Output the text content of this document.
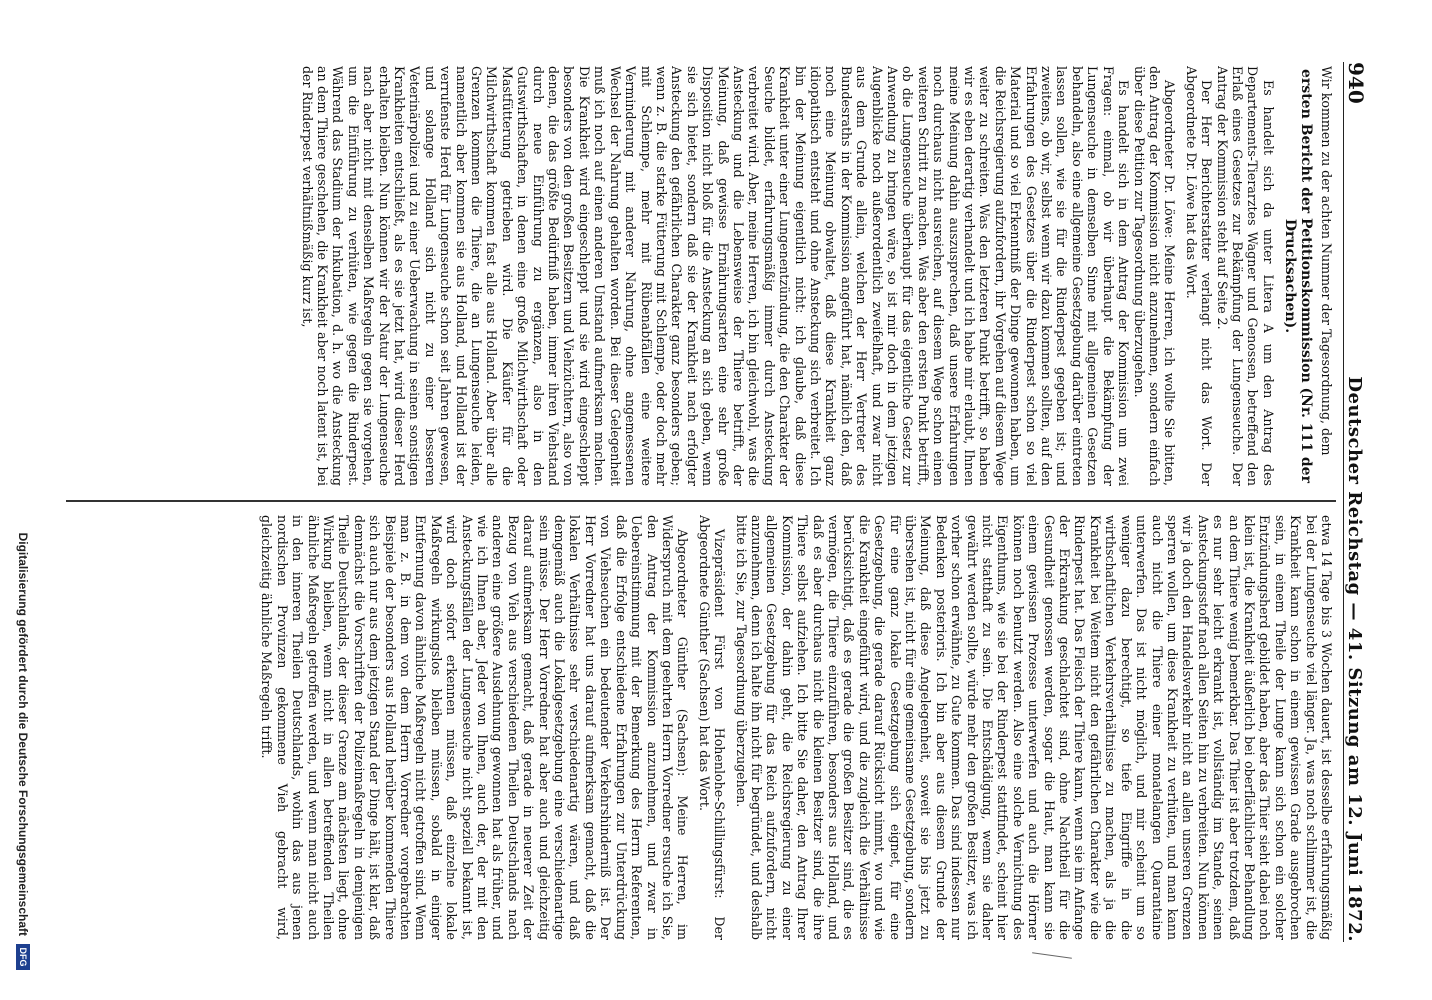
940
Deutscher Reichstag — 41. Sitzung am 12. Juni 1872.

Wir kommen zu der achten Nummer der Tagesordnung, dem

ersten Bericht der Petitionskommission (Nr. 111 der Drucksachen).

Es handelt sich da unter Litera A um den Antrag des Departements-Tierarztes Wagner und Genossen, betreffend den Erlaß eines Gesetzes zur Bekämpfung der Lungenseuche. Der Antrag der Kommission steht auf Seite 2.

Der Herr Berichterstatter verlangt nicht das Wort. Der Abgeordnete Dr. Löwe hat das Wort.

Abgeordneter Dr. Löwe: Meine Herren, ich wollte Sie bitten, den Antrag der Kommission nicht anzunehmen, sondern einfach über diese Petition zur Tagesordnung überzugehen.

Es handelt sich in dem Antrag der Kommission um zwei Fragen: einmal, ob wir überhaupt die Bekämpfung der Lungenseuche in demselben Sinne mit allgemeinen Gesetzen behandeln, also eine allgemeine Gesetzgebung darüber eintreten lassen sollen, wie sie für die Rinderpest gegeben ist; und zweitens, ob wir, selbst wenn wir dazu kommen sollten, auf den Erfahrungen des Gesetzes über die Rinderpest schon so viel Material und so viel Erkenntniß der Dinge gewonnen haben, um die Reichsregierung aufzufordern, ihr Vorgehen auf diesem Wege weiter zu schreiten. Was den letzteren Punkt betrifft, so haben wir es eben derartig verhandelt und ich habe mir erlaubt, Ihnen meine Meinung dahin auszusprechen, daß unsere Erfahrungen noch durchaus nicht ausreichen, auf diesem Wege schon einen weiteren Schritt zu machen. Was aber den ersten Punkt betrifft, ob die Lungenseuche überhaupt für das eigentliche Gesetz zur Anwendung zu bringen wäre, so ist mir doch in dem jetzigen Augenblicke noch außerordentlich zweifelhaft, und zwar nicht aus dem Grunde allein, welchen der Herr Vertreter des Bundesraths in der Kommission angeführt hat, nämlich den, daß noch eine Meinung obwaltet, daß diese Krankheit ganz idiopathisch entsteht und ohne Ansteckung sich verbreitet. Ich bin der Meinung eigentlich nicht: ich glaube, daß diese Krankheit unter einer Lungenentzündung, die den Charakter der Seuche bildet, erfahrungsmäßig immer durch Ansteckung verbreitet wird. Aber, meine Herren, ich bin gleichwohl, was die Ansteckung und die Lebensweise der Thiere betrifft, der Meinung, daß gewisse Ernährungsarten eine sehr große Disposition nicht bloß für die Ansteckung an sich geben, wenn sie sich bietet, sondern daß sie der Krankheit nach erfolgter Ansteckung den gefährlichen Charakter ganz besonders geben; wenn z. B. die starke Fütterung mit Schlempe, oder doch mehr mit Schlempe, mehr mit Rübenabfällen eine weitere Verminderung mit anderer Nahrung, ohne angemessenen Wechsel der Nahrung gehalten worden. Bei dieser Gelegenheit muß ich noch auf einen anderen Umstand aufmerksam machen. Die Krankheit wird eingeschleppt und sie wird eingeschleppt besonders von den großen Besitzern und Viehzüchtern, also von denen, die das größte Bedürfniß haben, immer ihren Viehstand durch neue Einführung zu ergänzen, also in den Gutswirthschaften, in denen eine große Milchwirthschaft oder Mastfütterung getrieben wird. Die Käufer für die Milchwirthschaft kommen fast alle aus Holland. Aber über alle Grenzen kommen die Thiere, die an Lungenseuche leiden, namentlich aber kommen sie aus Holland, und Holland ist der verrufenste Herd für Lungenseuche schon seit Jahren gewesen, und solange Holland sich nicht zu einer besseren Veterinärpolizei und zu einer Ueberwachung in seinen sonstigen Krankheiten entschließt, als es sie jetzt hat, wird dieser Herd erhalten bleiben. Nun können wir der Natur der Lungenseuche nach aber nicht mit denselben Maßregeln gegen sie vorgehen, um die Einführung zu verhüten, wie gegen die Rinderpest. Während das Stadium der Inkubation, d. h. wo die Ansteckung an dem Thiere geschehen, die Krankheit aber noch latent ist, bei der Rinderpest verhältnißmäßig kurz ist,

etwa 14 Tage bis 3 Wochen dauert, ist desselbe erfahrungsmäßig bei der Lungenseuche viel länger. Ja, was noch schlimmer ist, die Krankheit kann schon in einem gewissen Grade ausgebrochen sein, in einem Theile der Lunge kann sich schon ein solcher Entzündungsherd gebildet haben, aber das Thier sieht dabei noch klein ist, die Krankheit äußerlich bei oberflächlicher Behandlung an dem Thiere wenig bemerkbar. Das Thier ist aber trotzdem, daß es nur sehr leicht erkrankt ist, vollständig im Stande, seinen Ansteckungsstoff nach allen Seiten hin zu verbreiten. Nun können wir ja doch den Handelsverkehr nicht an allen unseren Grenzen sperren wollen, um diese Krankheit zu verhüten, und man kann auch nicht die Thiere einer monatelangen Quarantaine unterwerfen. Das ist nicht möglich, und mir scheint um so weniger dazu berechtigt, so tiefe Eingriffe in die wirthschaftlichen Verkehrsverhältnisse zu machen, als ja die Krankheit bei Weitem nicht den gefährlichen Charakter wie die Rinderpest hat. Das Fleisch der Thiere kann, wenn sie im Anfange der Erkrankung geschlachtet sind, ohne Nachtheil für die Gesundheit genossen werden, sogar die Haut, man kann sie einem gewissen Prozesse unterwerfen und auch die Hörner können noch benutzt werden. Also eine solche Vernichtung des Eigenthums, wie sie bei der Rinderpest stattfindet, scheint hier nicht statthaft zu sein. Die Entschädigung, wenn sie daher gewährt werden sollte, würde mehr den großen Besitzer, was ich vorher schon erwähnte, zu Gute kommen. Das sind indessen nur Bedenken posterioris. Ich bin aber aus diesem Grunde der Meinung, daß diese Angelegenheit, soweit sie bis jetzt zu übersehen ist, nicht für eine gemeinsame Gesetzgebung, sondern für eine ganz lokale Gesetzgebung sich eignet, für eine Gesetzgebung, die gerade darauf Rücksicht nimmt, wo und wie die Krankheit eingeführt wird, und die zugleich die Verhältnisse berücksichtigt, daß es gerade die großen Besitzer sind, die es vermögen, die Thiere einzuführen, besonders aus Holland, und daß es aber durchaus nicht die kleinen Besitzer sind, die ihre Thiere selbst aufziehen. Ich bitte Sie daher, den Antrag Ihrer Kommission, der dahin geht, die Reichsregierung zu einer allgemeinen Gesetzgebung für das Reich aufzufordern, nicht anzunehmen, denn ich halte ihn nicht für begründet, und deshalb bitte ich Sie, zur Tagesordnung überzugehen.

Vizepräsident Fürst von Hohenlohe-Schillingsfürst: Der Abgeordnete Günther (Sachsen) hat das Wort.

Abgeordneter Günther (Sachsen): Meine Herren, im Widerspruch mit dem geehrten Herrn Vorredner ersuche ich Sie, den Antrag der Kommission anzunehmen, und zwar in Uebereinstimmung mit der Bemerkung des Herrn Referenten, daß die Erfolge entschiedene Erfahrungen zur Unterdrückung von Viehseuchen ein bedeutender Verkehrshinderniß ist. Der Herr Vorredner hat uns darauf aufmerksam gemacht, daß die lokalen Verhältnisse sehr verschiedenartig wären, und daß demgemäß auch die Lokalgesetzgebung eine verschiedenartige sein müsse. Der Herr Vorredner hat aber auch und gleichzeitig darauf aufmerksam gemacht, daß gerade in neuerer Zeit der Bezug von Vieh aus verschiedenen Theilen Deutschlands nach anderen eine größere Ausdehnung gewonnen hat als früher, und wie ich Ihnen aber, Jeder von Ihnen, auch der, der mit den Ansteckungsfällen der Lungenseuche nicht speziell bekannt ist, wird doch sofort erkennen müssen, daß einzelne lokale Maßregeln wirkungslos bleiben müssen, sobald in einiger Entfernung davon ähnliche Maßregeln nicht getroffen sind. Wenn man z. B. in dem von dem Herrn Vorredner vorgebrachten Beispiele der besonders aus Holland herüber kommenden Thiere sich auch nur aus dem jetzigen Stand der Dinge hält, ist klar, daß demnächst die Vorschriften der Polizeimaßregeln in demjenigen Theile Deutschlands, der dieser Grenze am nächsten liegt, ohne Wirkung bleiben, wenn nicht in allen betreffenden Theilen ähnliche Maßregeln getroffen werden, und wenn man nicht auch in den inneren Theilen Deutschlands, wohin das aus jenen nordischen Provinzen gekommene Vieh gebracht wird, gleichzeitig ähnliche Maßregeln trifft.

Digitalisierung gefördert durch die Deutsche Forschungsgemeinschaft
DFG
